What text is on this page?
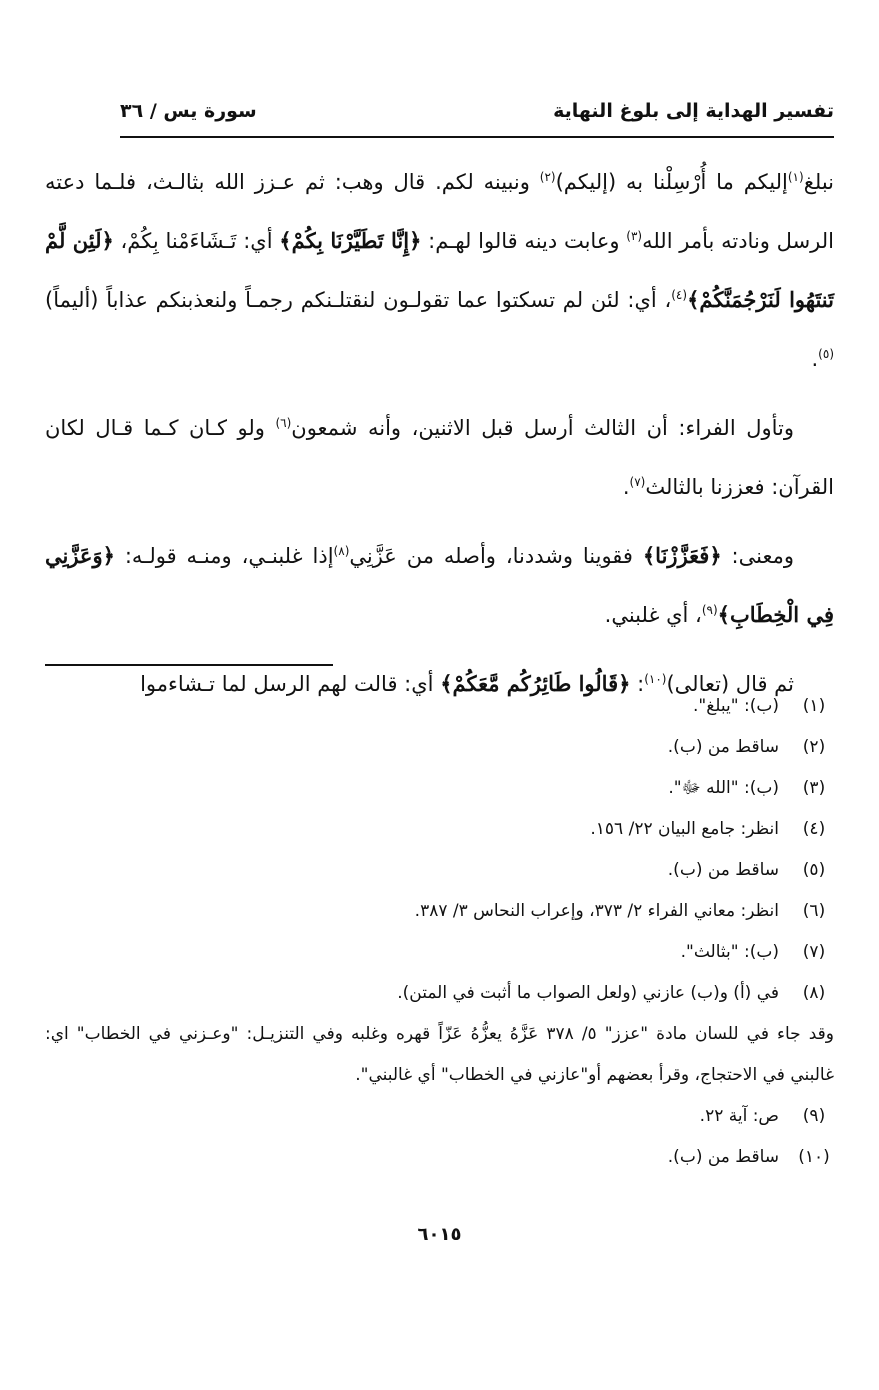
تفسير الهداية إلى بلوغ النهاية
سورة يس / ٣٦

نبلغ$^{(١)}$إليكم ما أُرْسِلْنا به (إليكم)$^{(٢)}$ ونبينه لكم. قال وهب: ثم عـزز الله بثالـث، فلـما دعته الرسل ونادته بأمر الله$^{(٣)}$ وعابت دينه قالوا لهـم: ﴿إِنَّا تَطَيَّرْنَا بِكُمْ﴾ أي: تَـشَاءَمْنا بِكُمْ، ﴿لَئِن لَّمْ تَنتَهُوا لَنَرْجُمَنَّكُمْ﴾$^{(٤)}$، أي: لئن لم تسكتوا عما تقولـون لنقتلـنكم رجمـاً ولنعذبنكم عذاباً (أليماً)$^{(٥)}$.

وتأول الفراء: أن الثالث أرسل قبل الاثنين، وأنه شمعون$^{(٦)}$ ولو كـان كـما قـال لكان القرآن: فعززنا بالثالث$^{(٧)}$.

ومعنى: ﴿فَعَزَّزْنَا﴾ فقوينا وشددنا، وأصله من عَزَّنِي$^{(٨)}$إذا غلبنـي، ومنـه قولـه: ﴿وَعَزَّنِي فِي الْخِطَابِ﴾$^{(٩)}$، أي غلبني.

ثم قال (تعالى)$^{(١٠)}$: ﴿قَالُوا طَائِرُكُم مَّعَكُمْ﴾ أي: قالت لهم الرسل لما تـشاءموا

(١)
(ب): "يبلغ".
(٢)
ساقط من (ب).
(٣)
(ب): "الله ﷻ".
(٤)
انظر: جامع البيان ٢٢/ ١٥٦.
(٥)
ساقط من (ب).
(٦)
انظر: معاني الفراء ٢/ ٣٧٣، وإعراب النحاس ٣/ ٣٨٧.
(٧)
(ب): "بثالث".
(٨)
في (أ) و(ب) عازني (ولعل الصواب ما أثبت في المتن).
وقد جاء في للسان مادة "عزز" ٥/ ٣٧٨ عَزَّهُ يعزُّهُ عَزّاً قهره وغلبه وفي التنزيـل: "وعـزني في الخطاب" اي: غالبني في الاحتجاج، وقرأ بعضهم أو"عازني في الخطاب" أي غالبني".
(٩)
ص: آية ٢٢.
(١٠)
ساقط من (ب).
٦٠١٥
